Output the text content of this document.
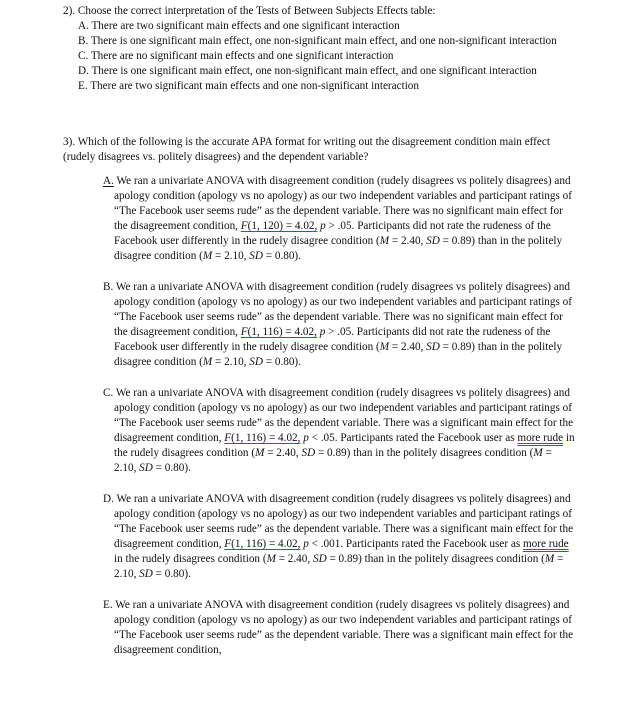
2). Choose the correct interpretation of the Tests of Between Subjects Effects table:

A. There are two significant main effects and one significant interaction

B. There is one significant main effect, one non-significant main effect, and one non-significant interaction

C. There are no significant main effects and one significant interaction

D. There is one significant main effect, one non-significant main effect, and one significant interaction

E. There are two significant main effects and one non-significant interaction

3). Which of the following is the accurate APA format for writing out the disagreement condition main effect (rudely disagrees vs. politely disagrees) and the dependent variable?

A. We ran a univariate ANOVA with disagreement condition (rudely disagrees vs politely disagrees) and apology condition (apology vs no apology) as our two independent variables and participant ratings of “The Facebook user seems rude” as the dependent variable. There was no significant main effect for the disagreement condition, F(1, 120) = 4.02, p > .05. Participants did not rate the rudeness of the Facebook user differently in the rudely disagree condition (M = 2.40, SD = 0.89) than in the politely disagree condition (M = 2.10, SD = 0.80).

B. We ran a univariate ANOVA with disagreement condition (rudely disagrees vs politely disagrees) and apology condition (apology vs no apology) as our two independent variables and participant ratings of “The Facebook user seems rude” as the dependent variable. There was no significant main effect for the disagreement condition, F(1, 116) = 4.02, p > .05. Participants did not rate the rudeness of the Facebook user differently in the rudely disagree condition (M = 2.40, SD = 0.89) than in the politely disagree condition (M = 2.10, SD = 0.80).

C. We ran a univariate ANOVA with disagreement condition (rudely disagrees vs politely disagrees) and apology condition (apology vs no apology) as our two independent variables and participant ratings of “The Facebook user seems rude” as the dependent variable. There was a significant main effect for the disagreement condition, F(1, 116) = 4.02, p < .05. Participants rated the Facebook user as more rude in the rudely disagrees condition (M = 2.40, SD = 0.89) than in the politely disagrees condition (M = 2.10, SD = 0.80).

D. We ran a univariate ANOVA with disagreement condition (rudely disagrees vs politely disagrees) and apology condition (apology vs no apology) as our two independent variables and participant ratings of “The Facebook user seems rude” as the dependent variable. There was a significant main effect for the disagreement condition, F(1, 116) = 4.02, p < .001. Participants rated the Facebook user as more rude in the rudely disagrees condition (M = 2.40, SD = 0.89) than in the politely disagrees condition (M = 2.10, SD = 0.80).

E. We ran a univariate ANOVA with disagreement condition (rudely disagrees vs politely disagrees) and apology condition (apology vs no apology) as our two independent variables and participant ratings of “The Facebook user seems rude” as the dependent variable. There was a significant main effect for the disagreement condition,
